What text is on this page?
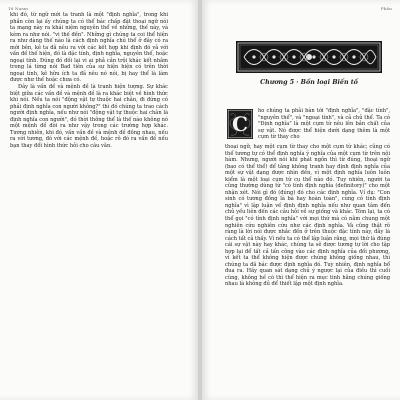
18 Nuam

khi đó, từ ngữ mới ta tranh là một "định nghĩa", trong khi phần còn lại ấy chúng ta có thể bác chấp đặt thoại ngữ nói ta mạng này ra khái niệm nguyên thể về những, thế này, và kèm ra như nói. "vi thế đền". Những gì chúng ta coi thể hiện ra như dàng thế nào là cách định nghĩa chủ thể ở đây có ra mới bên, kê ta đã nêu ra với các kết hợp khi định đó vả với vấn đề thế hiện, đó là đặc tính, định nghĩa, nguyên thể, hoặc ngoại tính. Đúng đó đối lại vi ai phả cần trội khác kết nhằm trong lá từng nói Bad tiên của sự hiện hiện có trên thời ngoại tính, kê hữu ích ta đã nêu nó nói, bị hay thể là làm được như thế hoặc chưa có.

Đây là vấn đề và mệnh đề là tranh hiện tượng. Sự khác biệt giữa các vấn đề và mệnh đề là ra khác biệt về hình thức khi nói. Nếu ta nói "động vật tự thuộc hai chân, đi đứng có phải định nghĩa con người không?" thì đó chúng ta trao cách người định nghĩa, nếu như nói "động vật tự thuộc hai chân là định nghĩa con người", đó thời thông thể là thế nào không nó một mệnh đề đòi ra như vậy trong các trường hợp khác. Tương nhiên, khi đó, vấn vấn đề và mệnh đề đồng nhau, nếu ra với tương, đó với các mệnh đề, hoặc rõ đó ra vấn đề nếu bạn thay đổi hình thức hỏi cho câu văn.

Phần
Chương 5 · Bốn loại Biến tố
C

ho chúng ta phải bàn tới "định nghĩa", "đặc tính", "nguyên thể", và "ngoại tính", và cả chủ thể. Ta có "Định nghĩa" là một cụm từ nêu lên bản chất của sự vật. Nó được thể hiện dưới dạng thêm là một cụm từ thay cho

thoại ngữ, hay một cụm từ thay cho một cụm từ khác; cũng có thể tương tự có thể định nghĩa ý nghĩa của một cụm từ trên nội hàm. Nhưng, người nói khi phát ngôn thì từ đúng, thoại ngữ (bao có thể thể) để tăng không tranh hay định định nghĩa của một sự vật dạng được nhìn đến, vì một định nghĩa luôn luôn kiểm là một loại cụm từ cụ thể nào đó. Tuy nhiên, người ta cũng thường dùng từ "có tính định nghĩa (definitory)" cho một nhận xét. Nói gì đó (đúng) đó cho các định nghĩa. Ví dụ: "Con sinh có tương đồng là bà hay hoàn toàn", cùng có tính định nghĩa" vì lập luận về định định nghĩa nếu như quan tâm đến chủ yếu liên đến các câu hỏi về sự giống và khác. Tóm lại, ta có thể gọi "có tính định nghĩa" với mọi thứ mà có nằm chung một nghiên cứu nghiên cứu như các định nghĩa. Và cũng thật rõ ràng là lời nói được nhắc đến ở trên thuộc đặc tính này, đây là cách tất cả thấy. Vì nếu ta có thể lập luận rằng, mọi thứ là đúng cái sự vật này hay khác, chúng ta sẽ được tương tự lời cho tập hợp lại để tất cả tấn công vào các định nghĩa của đối phương, vì kết ta thể không hiện được chúng không giống nhau, thì chúng ta đã bác được định nghĩa đó. Tuy nhiên, định nghĩa bổ đua ra. Hầy quan sát dạng chủ ý ngược lại của điều thì cuối cùng, không hề có thì thể hiện ra mục tinh hằng chúng giống nhau là không đủ để thiết lập một định nghĩa.
